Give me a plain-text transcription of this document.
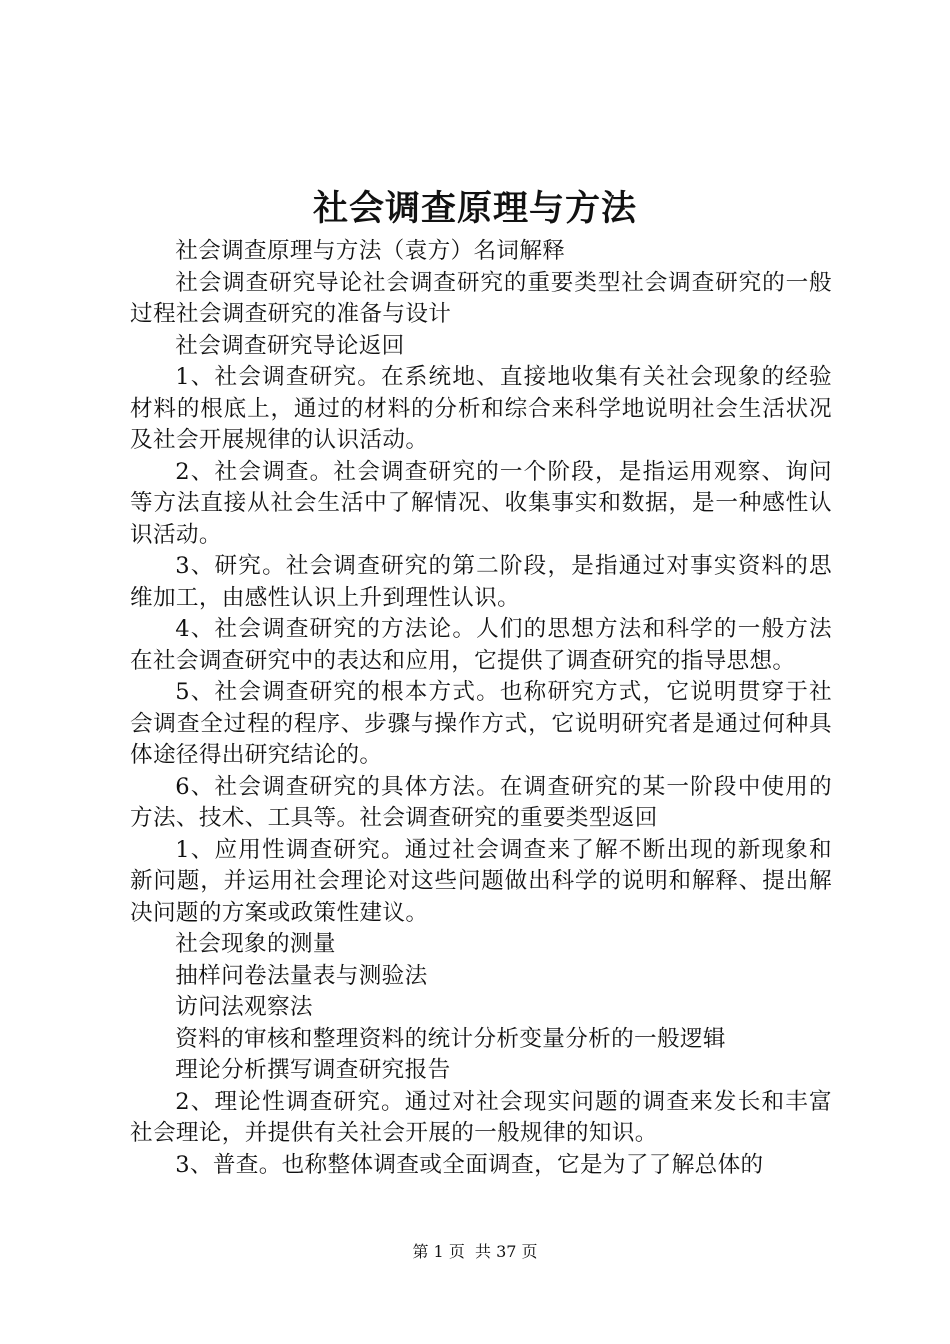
社会调查原理与方法

社会调查原理与方法（袁方）名词解释

社会调查研究导论社会调查研究的重要类型社会调查研究的一般过程社会调查研究的准备与设计

社会调查研究导论返回

1、社会调查研究。在系统地、直接地收集有关社会现象的经验材料的根底上，通过的材料的分析和综合来科学地说明社会生活状况及社会开展规律的认识活动。

2、社会调查。社会调查研究的一个阶段，是指运用观察、询问等方法直接从社会生活中了解情况、收集事实和数据，是一种感性认识活动。

3、研究。社会调查研究的第二阶段，是指通过对事实资料的思维加工，由感性认识上升到理性认识。

4、社会调查研究的方法论。人们的思想方法和科学的一般方法在社会调查研究中的表达和应用，它提供了调查研究的指导思想。

5、社会调查研究的根本方式。也称研究方式，它说明贯穿于社会调查全过程的程序、步骤与操作方式，它说明研究者是通过何种具体途径得出研究结论的。

6、社会调查研究的具体方法。在调查研究的某一阶段中使用的方法、技术、工具等。社会调查研究的重要类型返回

1、应用性调查研究。通过社会调查来了解不断出现的新现象和新问题，并运用社会理论对这些问题做出科学的说明和解释、提出解决问题的方案或政策性建议。

社会现象的测量

抽样问卷法量表与测验法

访问法观察法

资料的审核和整理资料的统计分析变量分析的一般逻辑

理论分析撰写调查研究报告

2、理论性调查研究。通过对社会现实问题的调查来发长和丰富社会理论，并提供有关社会开展的一般规律的知识。

3、普查。也称整体调查或全面调查，它是为了了解总体的

第 1 页  共 37 页
